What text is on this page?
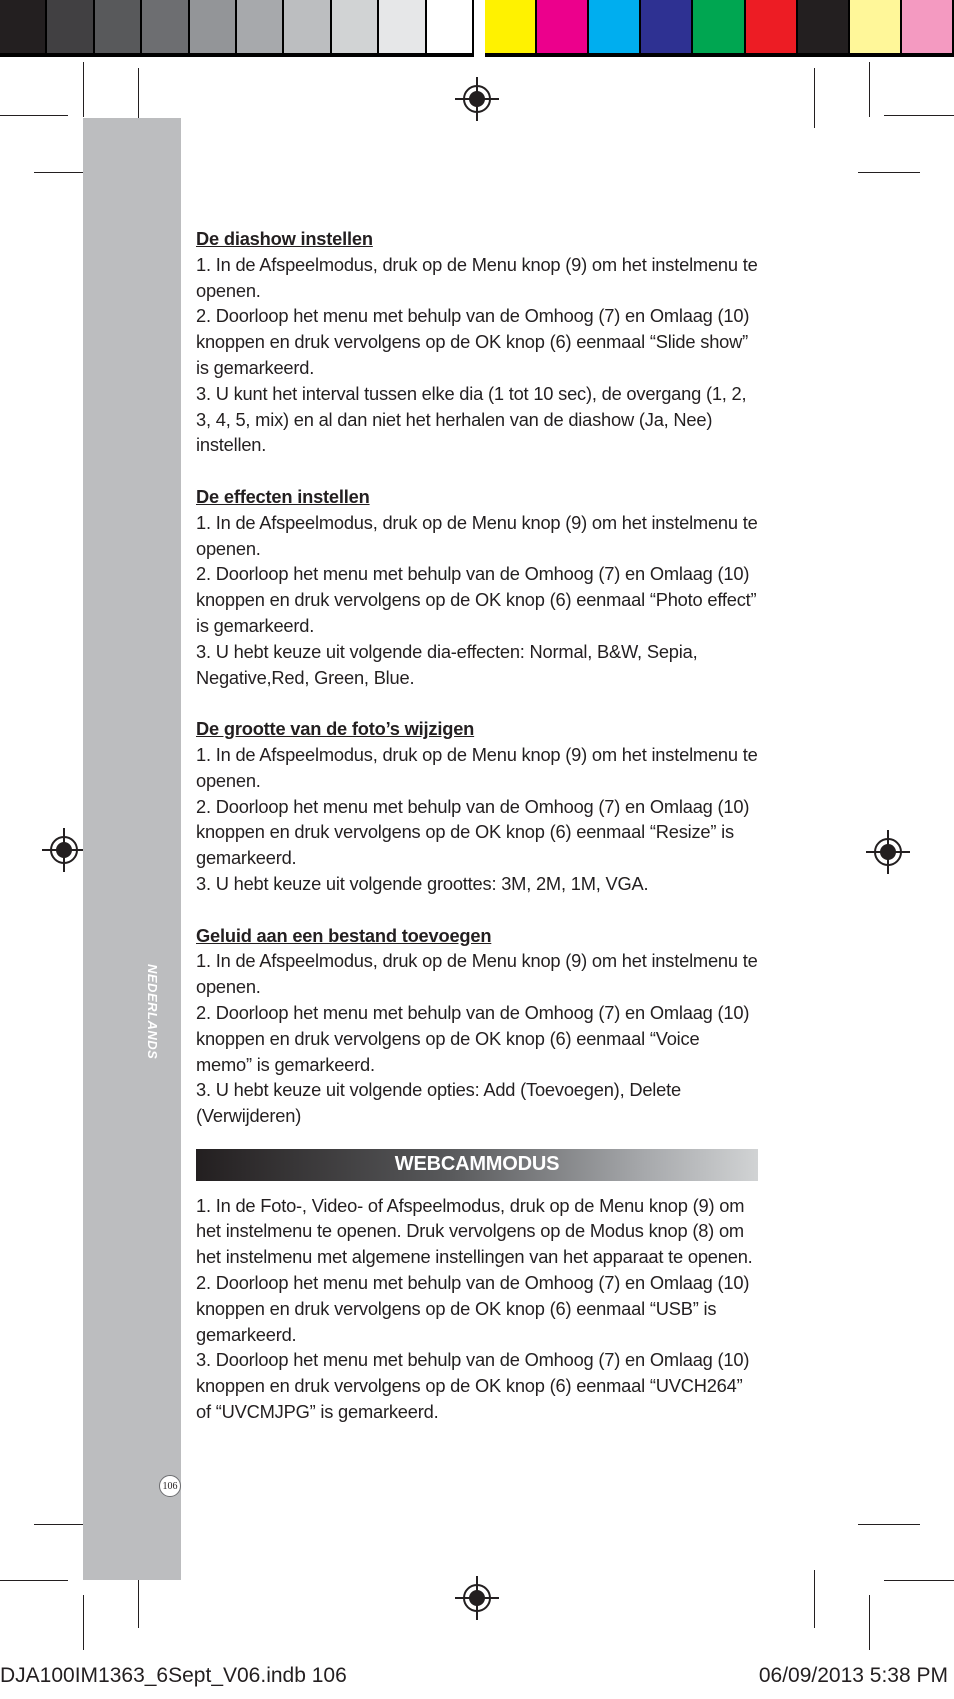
NEDERLANDS
106
De diashow instellen

1. In de Afspeelmodus, druk op de Menu knop (9) om het instelmenu te openen.

2. Doorloop het menu met behulp van de Omhoog (7) en Omlaag (10) knoppen en druk vervolgens op de OK knop (6) eenmaal “Slide show” is gemarkeerd.

3. U kunt het interval tussen elke dia (1 tot 10 sec), de overgang (1, 2, 3, 4, 5, mix) en al dan niet het herhalen van de diashow (Ja, Nee) instellen.

De effecten instellen

1. In de Afspeelmodus, druk op de Menu knop (9) om het instelmenu te openen.

2. Doorloop het menu met behulp van de Omhoog (7) en Omlaag (10) knoppen en druk vervolgens op de OK knop (6) eenmaal “Photo effect” is gemarkeerd.

3. U hebt keuze uit volgende dia-effecten: Normal, B&W, Sepia, Negative,Red, Green, Blue.

De grootte van de foto’s wijzigen

1. In de Afspeelmodus, druk op de Menu knop (9) om het instelmenu te openen.

2. Doorloop het menu met behulp van de Omhoog (7) en Omlaag (10) knoppen en druk vervolgens op de OK knop (6) eenmaal “Resize” is gemarkeerd.

3. U hebt keuze uit volgende groottes: 3M, 2M, 1M, VGA.

Geluid aan een bestand toevoegen

1. In de Afspeelmodus, druk op de Menu knop (9) om het instelmenu te openen.

2. Doorloop het menu met behulp van de Omhoog (7) en Omlaag (10) knoppen en druk vervolgens op de OK knop (6) eenmaal “Voice memo” is gemarkeerd.

3. U hebt keuze uit volgende opties: Add (Toevoegen), Delete (Verwijderen)

WEBCAMMODUS

1. In de Foto-, Video- of Afspeelmodus, druk op de Menu knop (9) om het instelmenu te openen. Druk vervolgens op de Modus knop (8) om het instelmenu met algemene instellingen van het apparaat te openen.

2. Doorloop het menu met behulp van de Omhoog (7) en Omlaag (10) knoppen en druk vervolgens op de OK knop (6) eenmaal “USB” is gemarkeerd.

3. Doorloop het menu met behulp van de Omhoog (7) en Omlaag (10) knoppen en druk vervolgens op de OK knop (6) eenmaal “UVCH264” of “UVCMJPG” is gemarkeerd.

DJA100IM1363_6Sept_V06.indb 106	06/09/2013 5:38 PM
